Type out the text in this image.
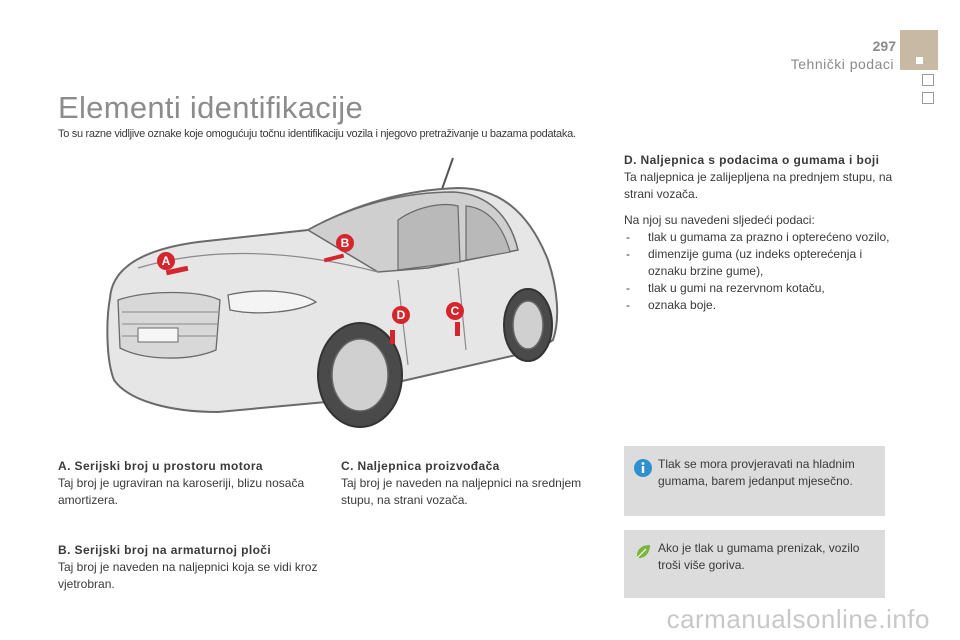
297
Tehnički podaci
Elementi identifikacije
To su razne vidljive oznake koje omogućuju točnu identifikaciju vozila i njegovo pretraživanje u bazama podataka.
A
B
C
D
D. Naljepnica s podacima o gumama i boji

Ta naljepnica je zalijepljena na prednjem stupu, na strani vozača.

Na njoj su navedeni sljedeći podaci:
- tlak u gumama za prazno i opterećeno vozilo,
- dimenzije guma (uz indeks opterećenja i oznaku brzine gume),
- tlak u gumi na rezervnom kotaču,
- oznaka boje.
A. Serijski broj u prostoru motora
Taj broj je ugraviran na karoseriji, blizu nosača amortizera.
B. Serijski broj na armaturnoj ploči
Taj broj je naveden na naljepnici koja se vidi kroz vjetrobran.
C. Naljepnica proizvođača
Taj broj je naveden na naljepnici na srednjem stupu, na strani vozača.
Tlak se mora provjeravati na hladnim gumama, barem jedanput mjesečno.
Ako je tlak u gumama prenizak, vozilo troši više goriva.
carmanualsonline.info
